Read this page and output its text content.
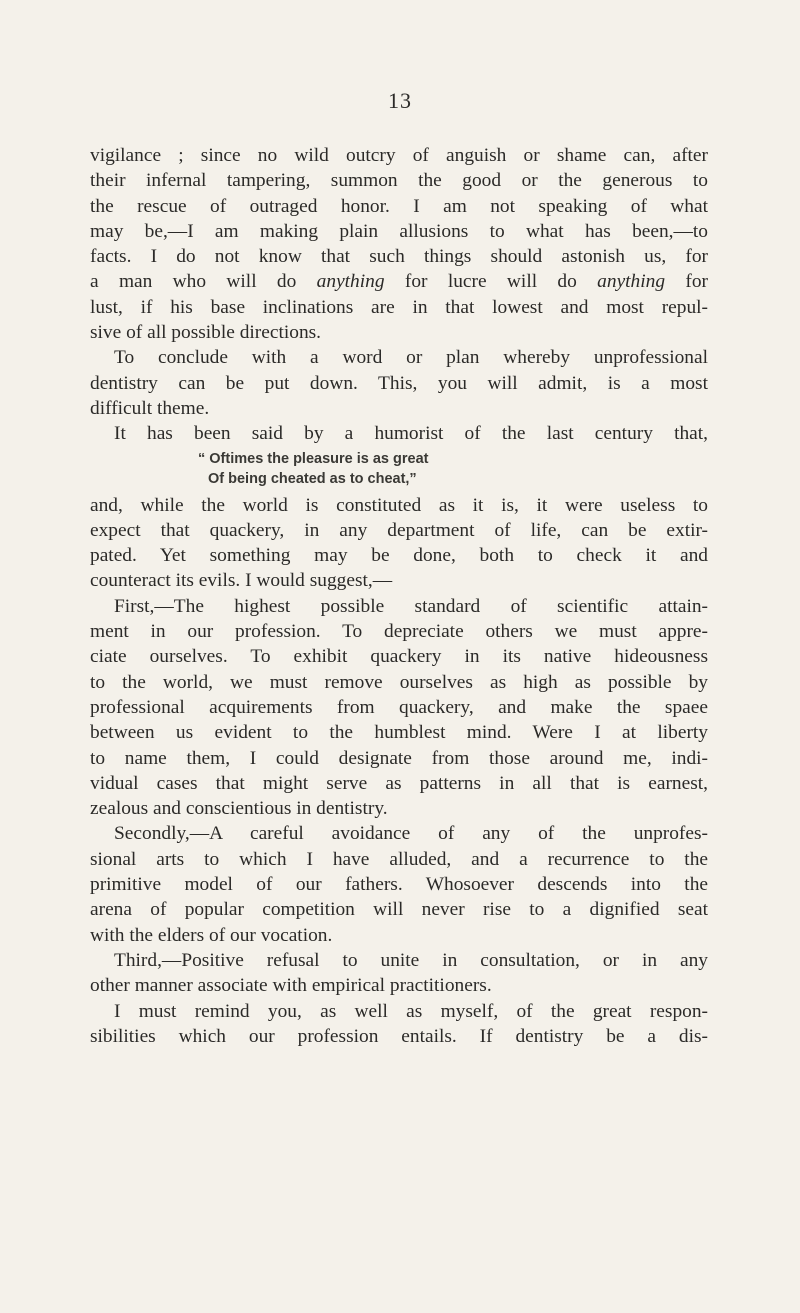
13
vigilance ; since no wild outcry of anguish or shame can, after
their infernal tampering, summon the good or the generous to
the rescue of outraged honor. I am not speaking of what
may be,—I am making plain allusions to what has been,—to
facts. I do not know that such things should astonish us, for
a man who will do anything for lucre will do anything for
lust, if his base inclinations are in that lowest and most repul-
sive of all possible directions.
To conclude with a word or plan whereby unprofessional
dentistry can be put down. This, you will admit, is a most
difficult theme.
It has been said by a humorist of the last century that,
“ Oftimes the pleasure is as great
Of being cheated as to cheat,”
and, while the world is constituted as it is, it were useless to
expect that quackery, in any department of life, can be extir-
pated. Yet something may be done, both to check it and
counteract its evils. I would suggest,—
First,—The highest possible standard of scientific attain-
ment in our profession. To depreciate others we must appre-
ciate ourselves. To exhibit quackery in its native hideousness
to the world, we must remove ourselves as high as possible by
professional acquirements from quackery, and make the spaee
between us evident to the humblest mind. Were I at liberty
to name them, I could designate from those around me, indi-
vidual cases that might serve as patterns in all that is earnest,
zealous and conscientious in dentistry.
Secondly,—A careful avoidance of any of the unprofes-
sional arts to which I have alluded, and a recurrence to the
primitive model of our fathers. Whosoever descends into the
arena of popular competition will never rise to a dignified seat
with the elders of our vocation.
Third,—Positive refusal to unite in consultation, or in any
other manner associate with empirical practitioners.
I must remind you, as well as myself, of the great respon-
sibilities which our profession entails. If dentistry be a dis-
